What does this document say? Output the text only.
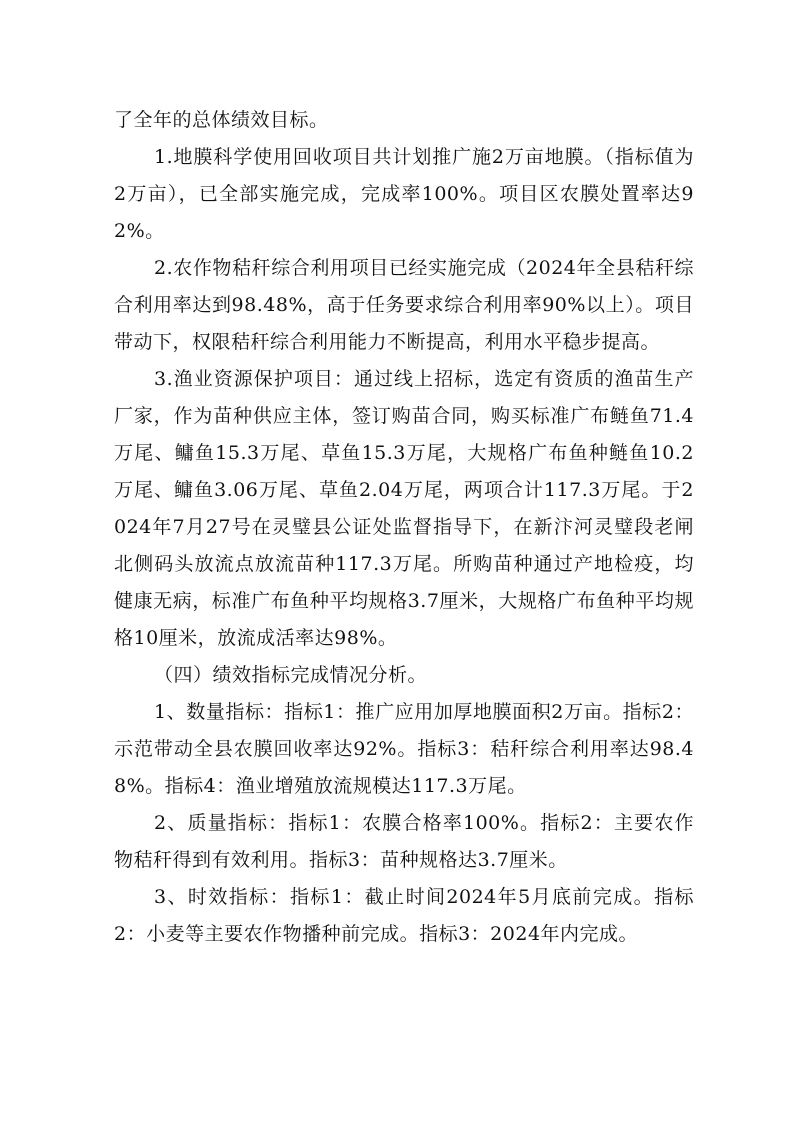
了全年的总体绩效目标。

1.地膜科学使用回收项目共计划推广施2万亩地膜。（指标值为2万亩），已全部实施完成，完成率100%。项目区农膜处置率达92%。

2.农作物秸秆综合利用项目已经实施完成（2024年全县秸秆综合利用率达到98.48%，高于任务要求综合利用率90%以上）。项目带动下，权限秸秆综合利用能力不断提高，利用水平稳步提高。

3.渔业资源保护项目：通过线上招标，选定有资质的渔苗生产厂家，作为苗种供应主体，签订购苗合同，购买标准广布鲢鱼71.4万尾、鳙鱼15.3万尾、草鱼15.3万尾，大规格广布鱼种鲢鱼10.2万尾、鳙鱼3.06万尾、草鱼2.04万尾，两项合计117.3万尾。于2024年7月27号在灵璧县公证处监督指导下，在新汴河灵璧段老闸北侧码头放流点放流苗种117.3万尾。所购苗种通过产地检疫，均健康无病，标准广布鱼种平均规格3.7厘米，大规格广布鱼种平均规格10厘米，放流成活率达98%。

（四）绩效指标完成情况分析。

1、数量指标：指标1：推广应用加厚地膜面积2万亩。指标2：示范带动全县农膜回收率达92%。指标3：秸秆综合利用率达98.48%。指标4：渔业增殖放流规模达117.3万尾。

2、质量指标：指标1：农膜合格率100%。指标2：主要农作物秸秆得到有效利用。指标3：苗种规格达3.7厘米。

3、时效指标：指标1：截止时间2024年5月底前完成。指标2：小麦等主要农作物播种前完成。指标3：2024年内完成。
